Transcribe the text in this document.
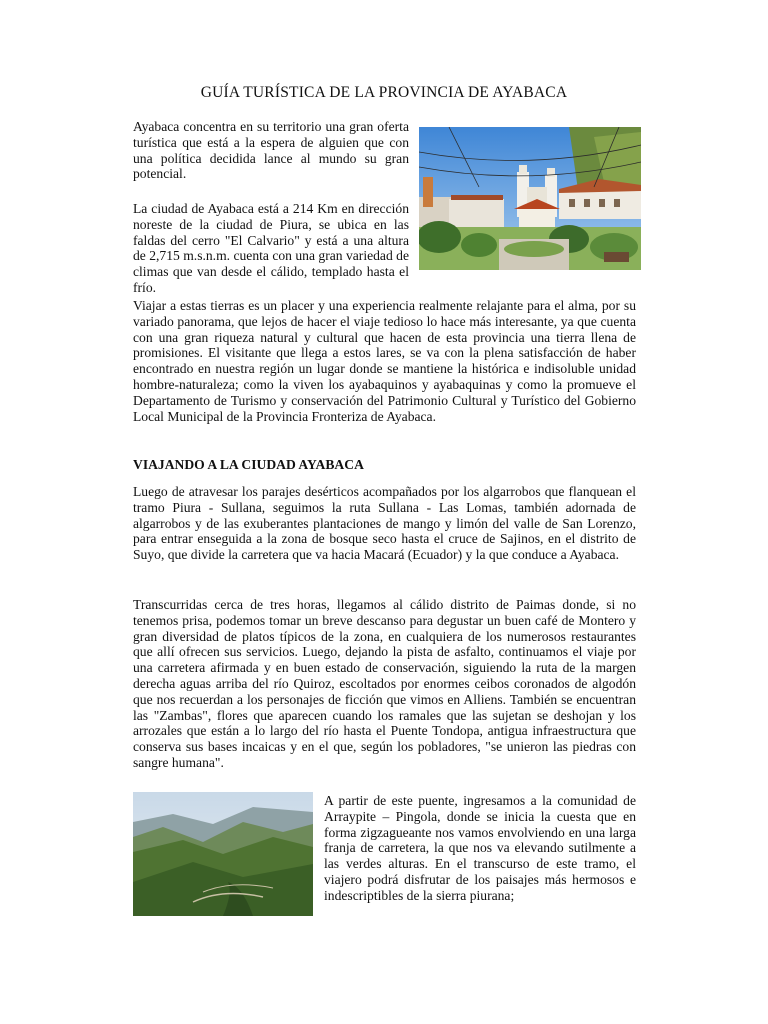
GUÍA TURÍSTICA DE LA PROVINCIA DE AYABACA

Ayabaca concentra en su territorio una gran oferta turística que está a la espera de alguien que con una política decidida lance al mundo su gran potencial.

La ciudad de Ayabaca está a 214 Km en dirección noreste de la ciudad de Piura, se ubica en las faldas del cerro "El Calvario" y está a una altura de 2,715 m.s.n.m. cuenta con una gran variedad de climas que van desde el cálido, templado hasta el frío.

Viajar a estas tierras es un placer y una experiencia realmente relajante para el alma, por su variado panorama, que lejos de hacer el viaje tedioso lo hace más interesante, ya que cuenta con una gran riqueza natural y cultural que hacen de esta provincia una tierra llena de promisiones. El visitante que llega a estos lares, se va con la plena satisfacción de haber encontrado en nuestra región un lugar donde se mantiene la histórica e indisoluble unidad hombre-naturaleza; como la viven los ayabaquinos y ayabaquinas y como la promueve el Departamento de Turismo y conservación del Patrimonio Cultural y Turístico del Gobierno Local Municipal de la Provincia Fronteriza de Ayabaca.

VIAJANDO A LA CIUDAD AYABACA

Luego de atravesar los parajes desérticos acompañados por los algarrobos que flanquean el tramo Piura - Sullana, seguimos la ruta Sullana - Las Lomas, también adornada de algarrobos y de las exuberantes plantaciones de mango y limón del valle de San Lorenzo, para entrar enseguida a la zona de bosque seco hasta el cruce de Sajinos, en el distrito de Suyo, que divide la carretera que va hacia Macará (Ecuador) y la que conduce a Ayabaca.

Transcurridas cerca de tres horas, llegamos al cálido distrito de Paimas donde, si no tenemos prisa, podemos tomar un breve descanso para degustar un buen café de Montero y gran diversidad de platos típicos de la zona, en cualquiera de los numerosos restaurantes que allí ofrecen sus servicios. Luego, dejando la pista de asfalto, continuamos el viaje por una carretera afirmada y en buen estado de conservación, siguiendo la ruta de la margen derecha aguas arriba del río Quiroz, escoltados por enormes ceibos coronados de algodón que nos recuerdan a los personajes de ficción que vimos en Alliens. También se encuentran las "Zambas", flores que aparecen cuando los ramales que las sujetan se deshojan y los arrozales que están a lo largo del río hasta el Puente Tondopa, antigua infraestructura que conserva sus bases incaicas y en el que, según los pobladores, "se unieron las piedras con sangre humana".

A partir de este puente, ingresamos a la comunidad de Arraypite – Pingola, donde se inicia la cuesta que en forma zigzagueante nos vamos envolviendo en una larga franja de carretera, la que nos va elevando sutilmente a las verdes alturas. En el transcurso de este tramo, el viajero podrá disfrutar de los paisajes más hermosos e indescriptibles de la sierra piurana;
